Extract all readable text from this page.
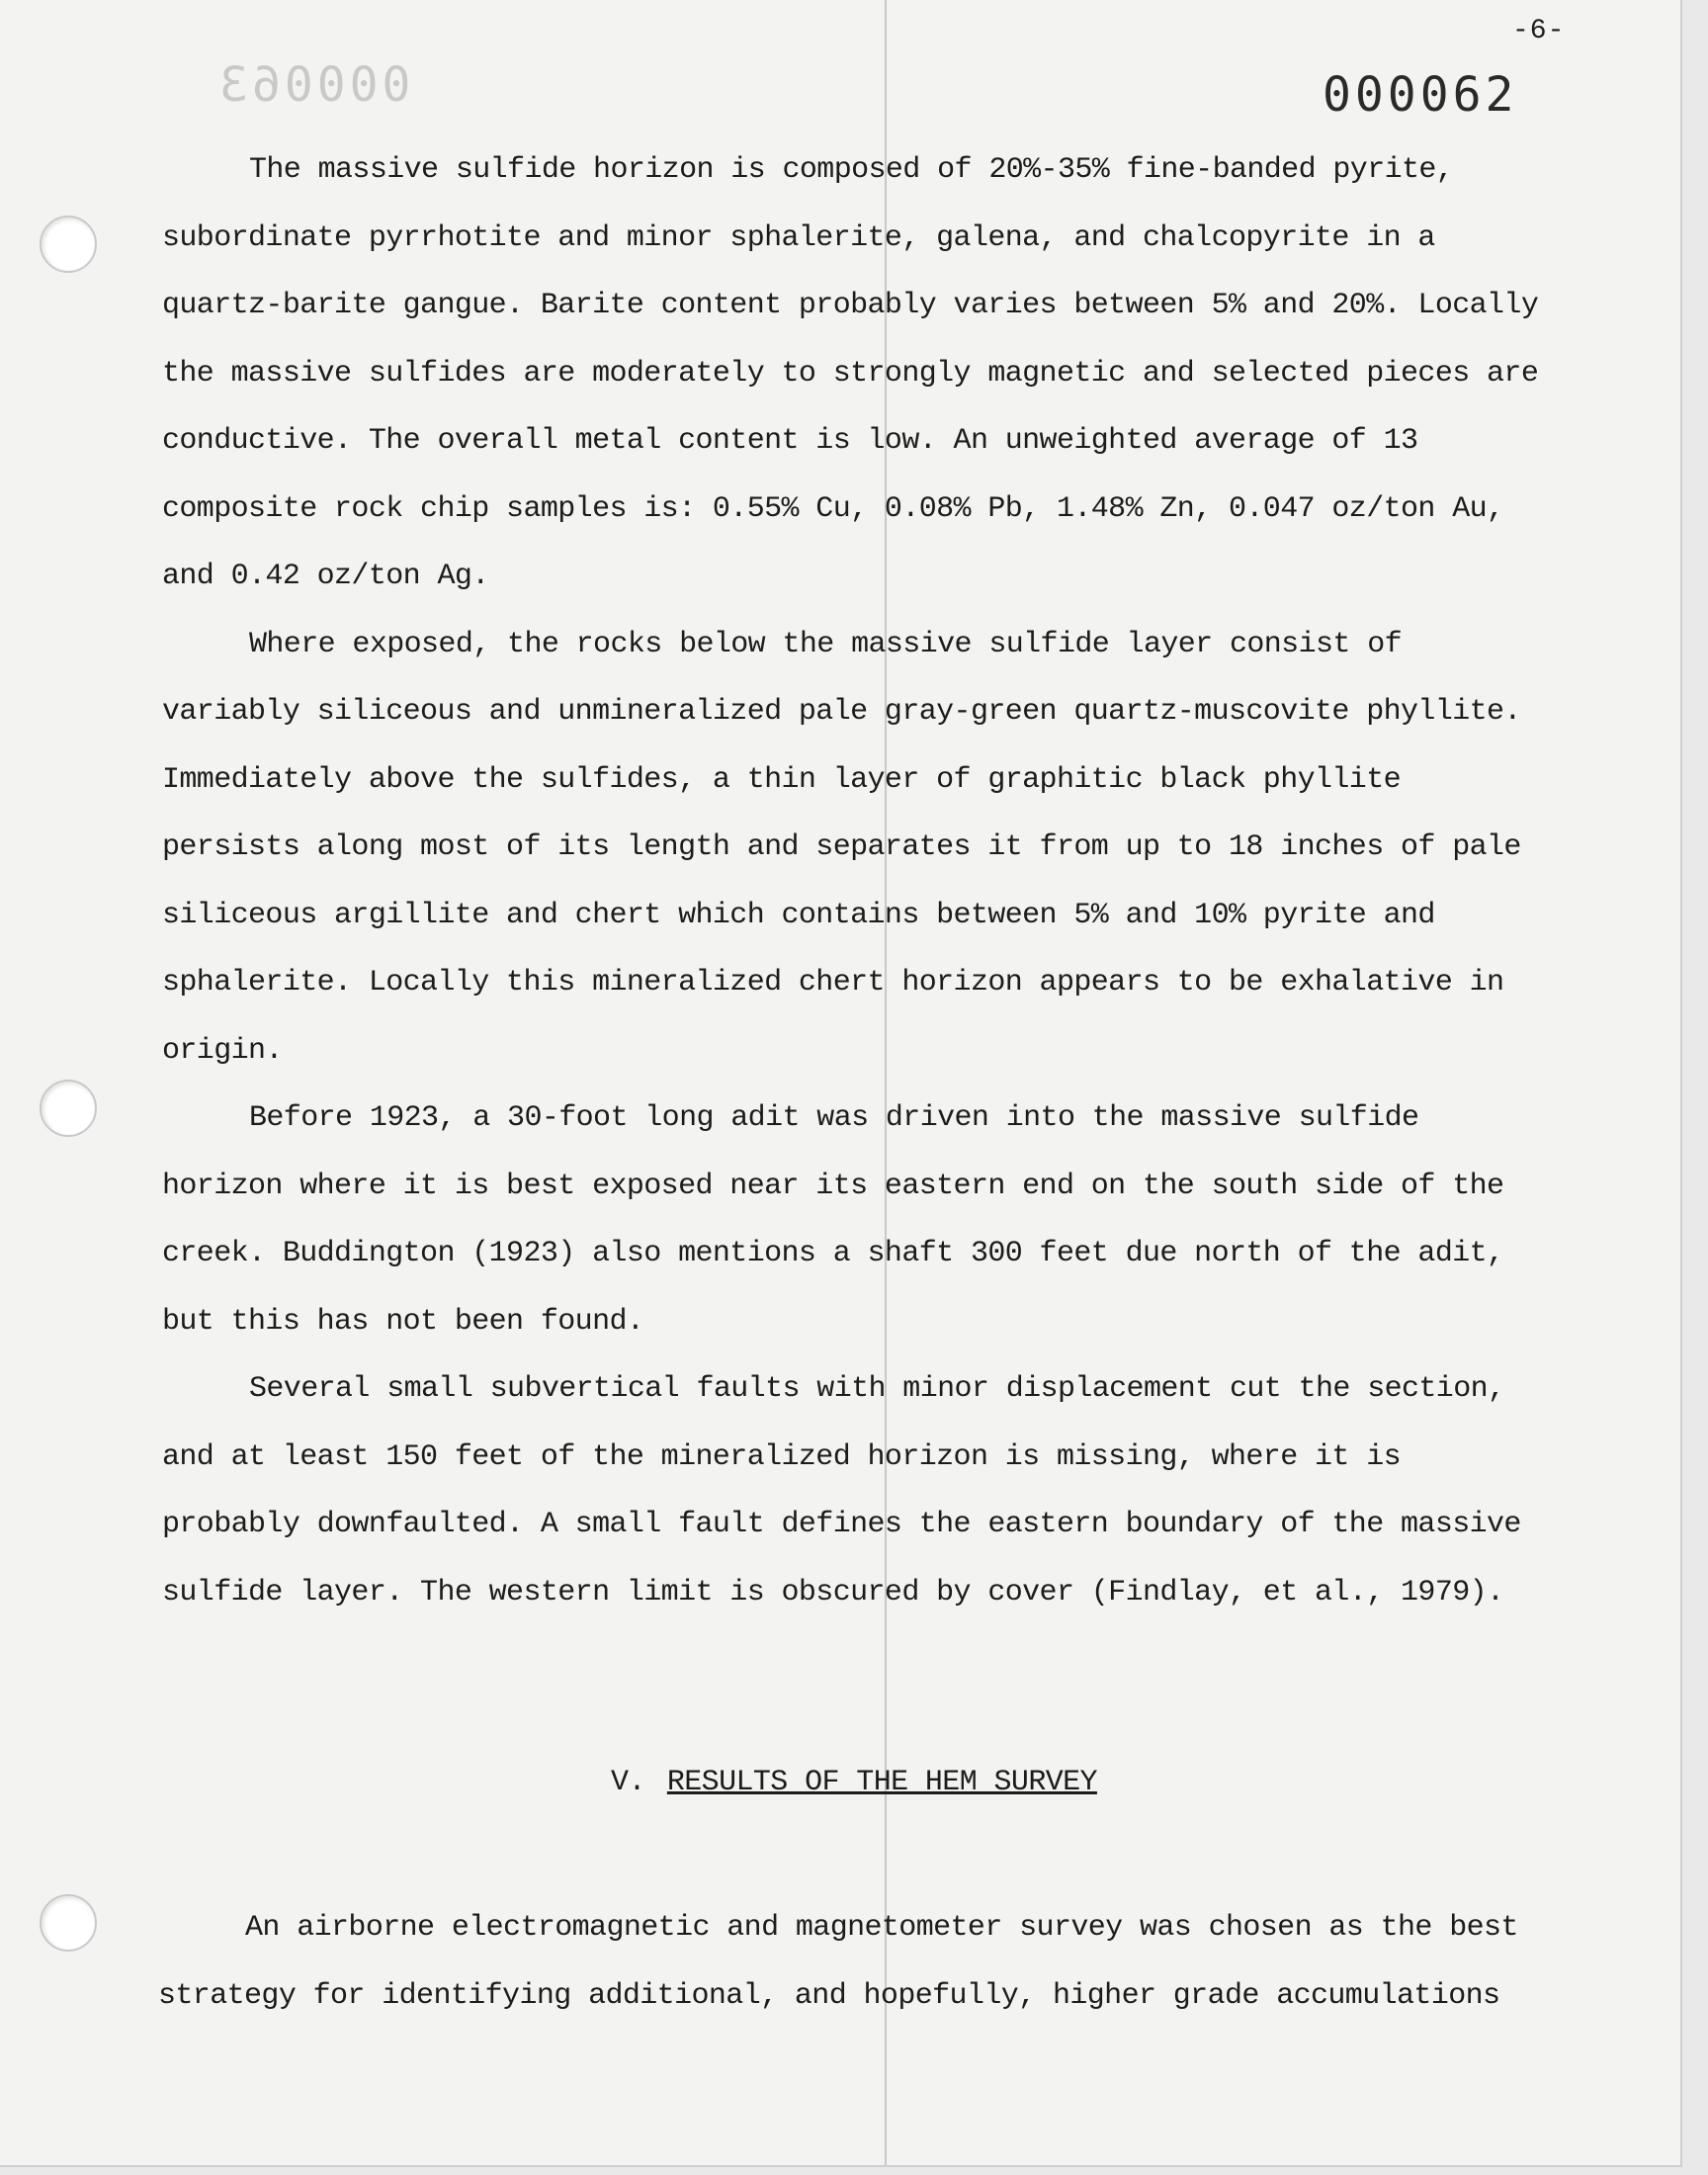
-6-
000063	000062

The massive sulfide horizon is composed of 20%-35% fine-banded pyrite, subordinate pyrrhotite and minor sphalerite, galena, and chalcopyrite in a quartz-barite gangue. Barite content probably varies between 5% and 20%. Locally the massive sulfides are moderately to strongly magnetic and selected pieces are conductive. The overall metal content is low. An unweighted average of 13 composite rock chip samples is: 0.55% Cu, 0.08% Pb, 1.48% Zn, 0.047 oz/ton Au, and 0.42 oz/ton Ag.

Where exposed, the rocks below the massive sulfide layer consist of variably siliceous and unmineralized pale gray-green quartz-muscovite phyllite. Immediately above the sulfides, a thin layer of graphitic black phyllite persists along most of its length and separates it from up to 18 inches of pale siliceous argillite and chert which contains between 5% and 10% pyrite and sphalerite. Locally this mineralized chert horizon appears to be exhalative in origin.

Before 1923, a 30-foot long adit was driven into the massive sulfide horizon where it is best exposed near its eastern end on the south side of the creek. Buddington (1923) also mentions a shaft 300 feet due north of the adit, but this has not been found.

Several small subvertical faults with minor displacement cut the section, and at least 150 feet of the mineralized horizon is missing, where it is probably downfaulted. A small fault defines the eastern boundary of the massive sulfide layer. The western limit is obscured by cover (Findlay, et al., 1979).

V. RESULTS OF THE HEM SURVEY

An airborne electromagnetic and magnetometer survey was chosen as the best strategy for identifying additional, and hopefully, higher grade accumulations
